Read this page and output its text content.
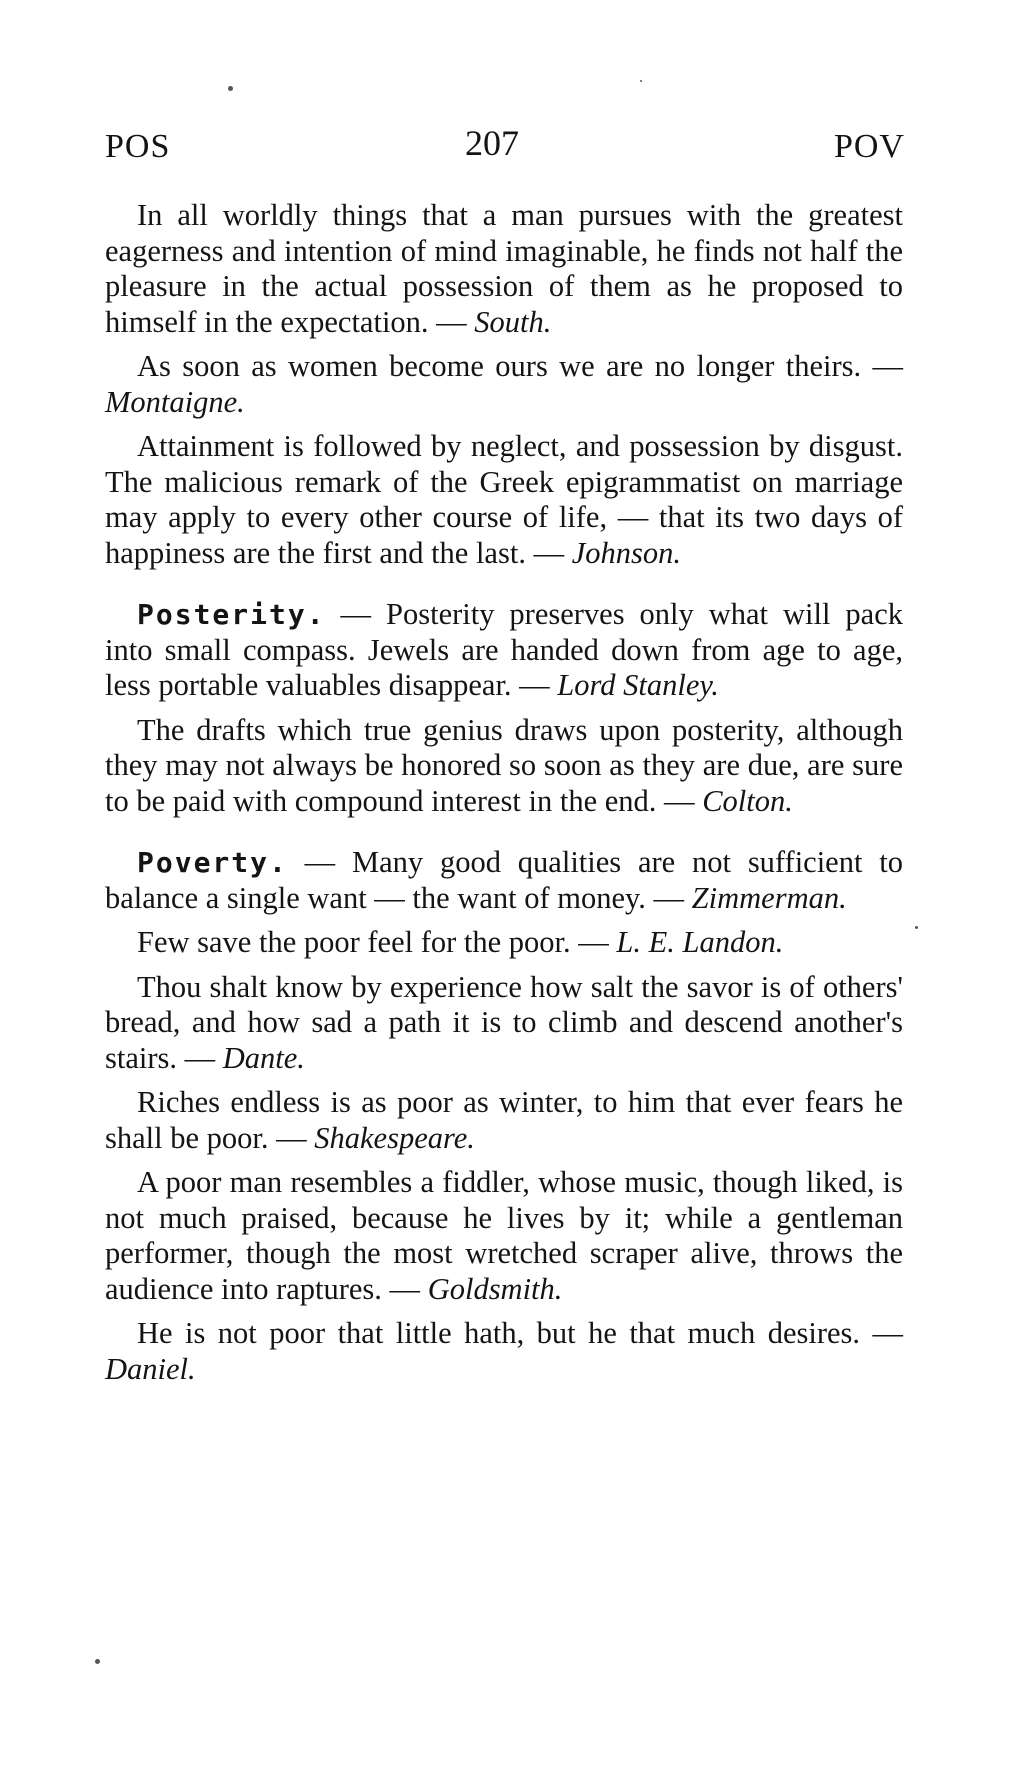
POS	207	POV

In all worldly things that a man pursues with the greatest eagerness and intention of mind imaginable, he finds not half the pleasure in the actual possession of them as he proposed to himself in the expectation. — South.

As soon as women become ours we are no longer theirs. — Montaigne.

Attainment is followed by neglect, and possession by disgust. The malicious remark of the Greek epigrammatist on marriage may apply to every other course of life, — that its two days of happiness are the first and the last. — Johnson.

Posterity. — Posterity preserves only what will pack into small compass. Jewels are handed down from age to age, less portable valuables disappear. — Lord Stanley.

The drafts which true genius draws upon posterity, although they may not always be honored so soon as they are due, are sure to be paid with compound interest in the end. — Colton.

Poverty. — Many good qualities are not sufficient to balance a single want — the want of money. — Zimmerman.

Few save the poor feel for the poor. — L. E. Landon.

Thou shalt know by experience how salt the savor is of others' bread, and how sad a path it is to climb and descend another's stairs. — Dante.

Riches endless is as poor as winter, to him that ever fears he shall be poor. — Shakespeare.

A poor man resembles a fiddler, whose music, though liked, is not much praised, because he lives by it; while a gentleman performer, though the most wretched scraper alive, throws the audience into raptures. — Goldsmith.

He is not poor that little hath, but he that much desires. — Daniel.
